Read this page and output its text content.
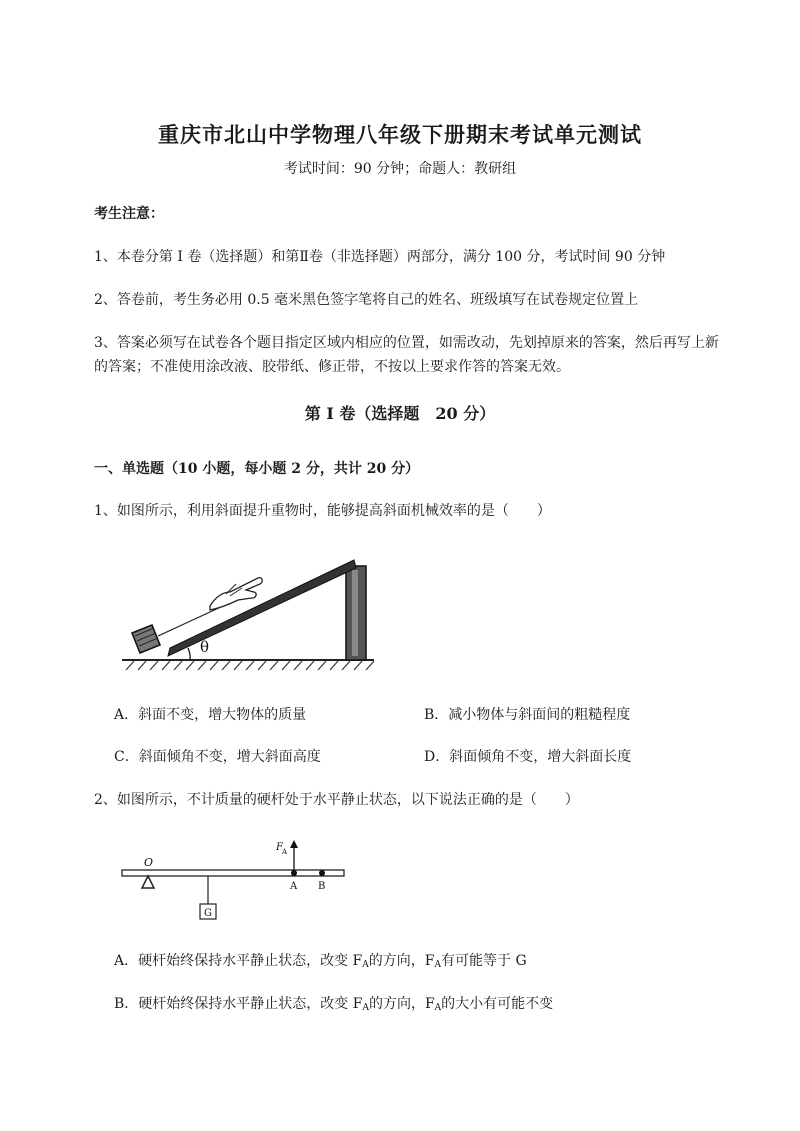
重庆市北山中学物理八年级下册期末考试单元测试
考试时间：90 分钟；命题人：教研组
考生注意：
1、本卷分第 I 卷（选择题）和第Ⅱ卷（非选择题）两部分，满分 100 分，考试时间 90 分钟
2、答卷前，考生务必用 0.5 毫米黑色签字笔将自己的姓名、班级填写在试卷规定位置上
3、答案必须写在试卷各个题目指定区域内相应的位置，如需改动，先划掉原来的答案，然后再写上新
的答案；不准使用涂改液、胶带纸、修正带，不按以上要求作答的答案无效。
第 I 卷（选择题　20 分）
一、单选题（10 小题，每小题 2 分，共计 20 分）
1、如图所示，利用斜面提升重物时，能够提高斜面机械效率的是（　　）
θ
A．斜面不变，增大物体的质量	B．减小物体与斜面间的粗糙程度
C．斜面倾角不变，增大斜面高度	D．斜面倾角不变，增大斜面长度
2、如图所示，不计质量的硬杆处于水平静止状态，以下说法正确的是（　　）
O
G
F A
A B
A．硬杆始终保持水平静止状态，改变 $F_A$的方向，$F_A$有可能等于 G
B．硬杆始终保持水平静止状态，改变 $F_A$的方向，$F_A$的大小有可能不变
